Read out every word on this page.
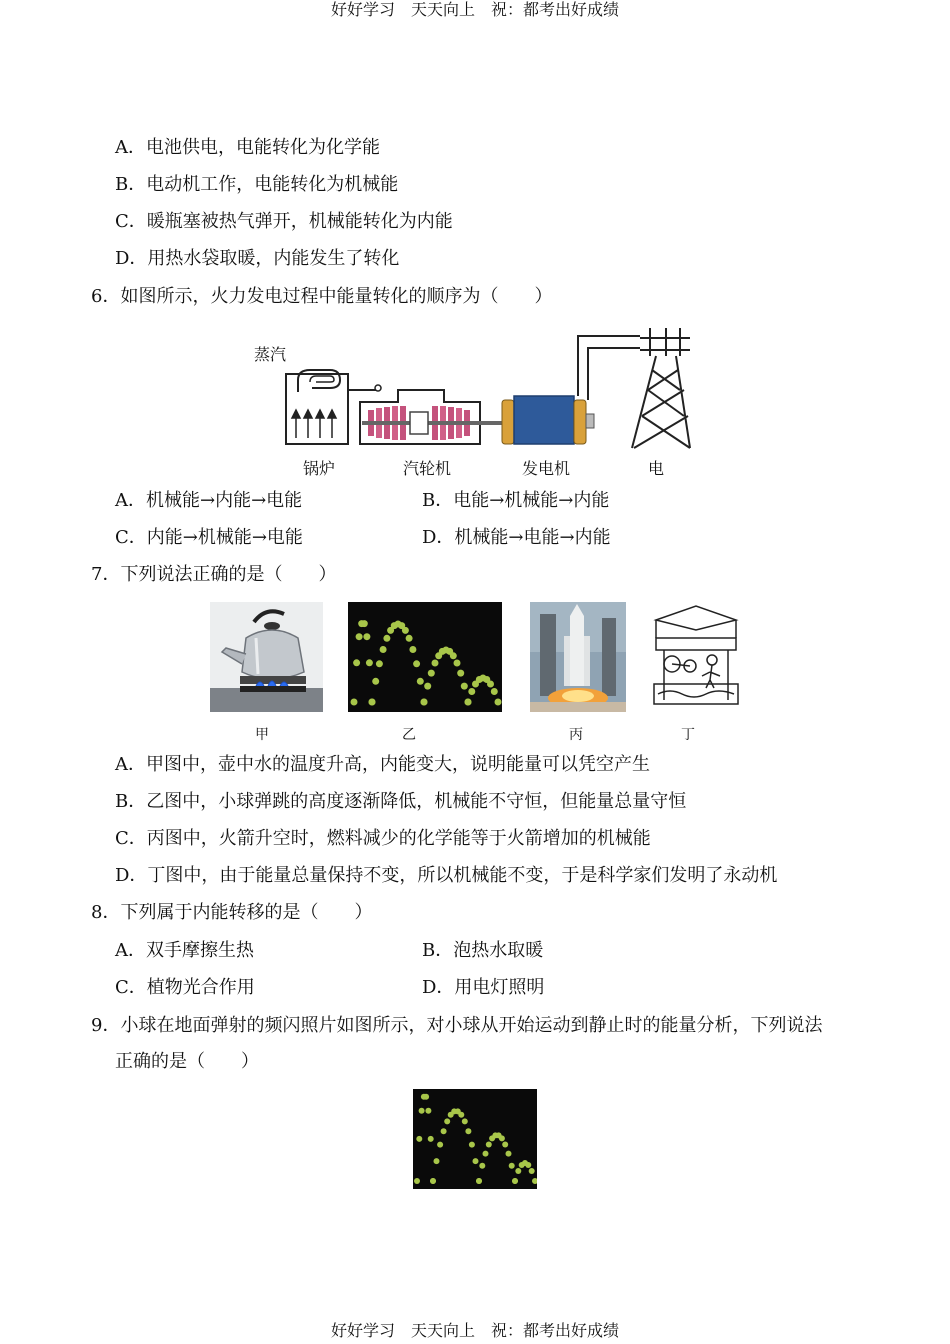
好好学习　天天向上　祝：都考出好成绩
A．电池供电，电能转化为化学能
B．电动机工作，电能转化为机械能
C．暖瓶塞被热气弹开，机械能转化为内能
D．用热水袋取暖，内能发生了转化
6．如图所示，火力发电过程中能量转化的顺序为（　　）
蒸汽
锅炉	汽轮机	发电机	电
A．机械能→内能→电能	B．电能→机械能→内能
C．内能→机械能→电能	D．机械能→电能→内能
7．下列说法正确的是（　　）
甲	乙	丙	丁
A．甲图中，壶中水的温度升高，内能变大，说明能量可以凭空产生
B．乙图中，小球弹跳的高度逐渐降低，机械能不守恒，但能量总量守恒
C．丙图中，火箭升空时，燃料减少的化学能等于火箭增加的机械能
D．丁图中，由于能量总量保持不变，所以机械能不变，于是科学家们发明了永动机
8．下列属于内能转移的是（　　）
A．双手摩擦生热	B．泡热水取暖
C．植物光合作用	D．用电灯照明
9．小球在地面弹射的频闪照片如图所示，对小球从开始运动到静止时的能量分析，下列说法
正确的是（　　）
好好学习　天天向上　祝：都考出好成绩
